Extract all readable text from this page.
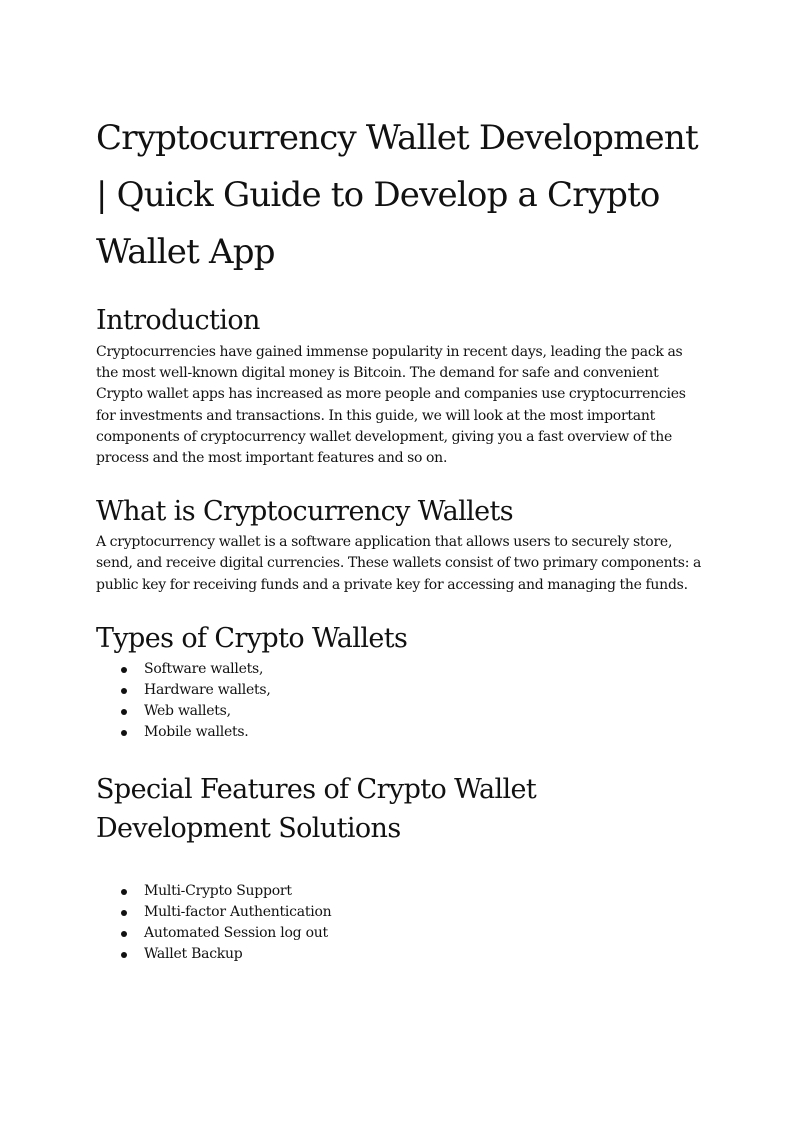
Cryptocurrency Wallet Development | Quick Guide to Develop a Crypto Wallet App
Introduction

Cryptocurrencies have gained immense popularity in recent days, leading the pack as the most well-known digital money is Bitcoin. The demand for safe and convenient Crypto wallet apps has increased as more people and companies use cryptocurrencies for investments and transactions. In this guide, we will look at the most important components of cryptocurrency wallet development, giving you a fast overview of the process and the most important features and so on.

What is Cryptocurrency Wallets

A cryptocurrency wallet is a software application that allows users to securely store, send, and receive digital currencies. These wallets consist of two primary components: a public key for receiving funds and a private key for accessing and managing the funds.

Types of Crypto Wallets
Software wallets,
Hardware wallets,
Web wallets,
Mobile wallets.
Special Features of Crypto Wallet Development Solutions
Multi-Crypto Support
Multi-factor Authentication
Automated Session log out
Wallet Backup
